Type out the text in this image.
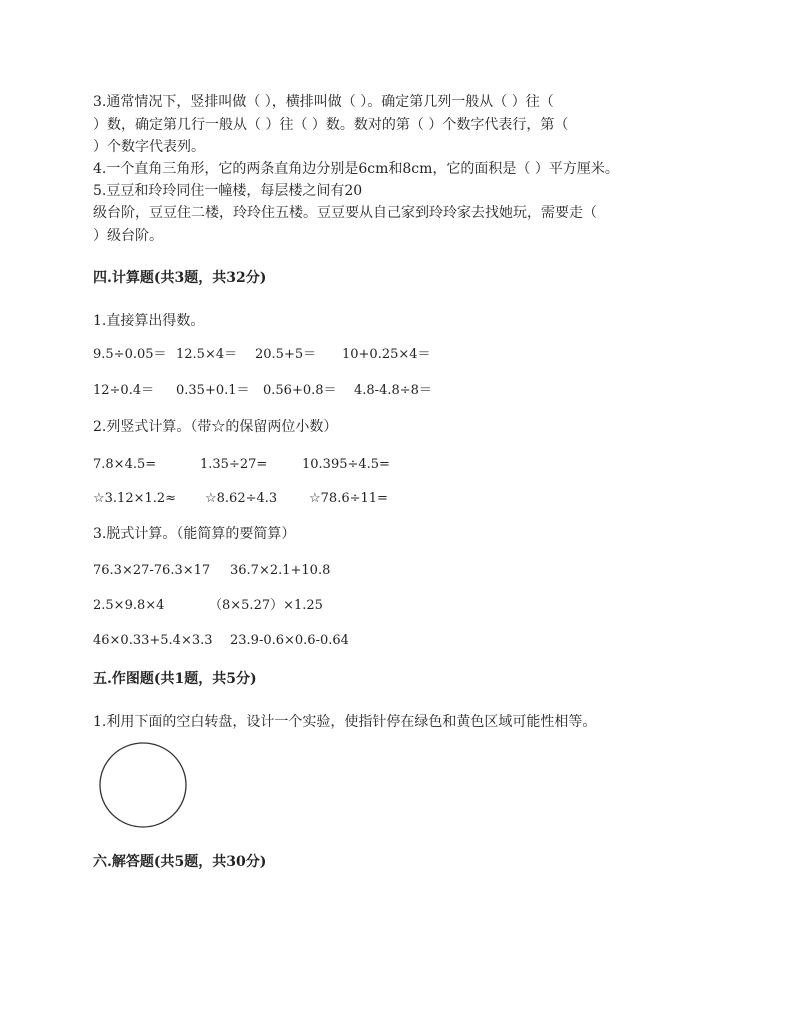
3.通常情况下，竖排叫做（ ），横排叫做（ ）。确定第几列一般从（ ）往（
）数，确定第几行一般从（ ）往（ ）数。数对的第（ ）个数字代表行，第（
）个数字代表列。
4.一个直角三角形，它的两条直角边分别是6cm和8cm，它的面积是（ ）平方厘米。
5.豆豆和玲玲同住一幢楼，每层楼之间有20
级台阶，豆豆住二楼，玲玲住五楼。豆豆要从自己家到玲玲家去找她玩，需要走（
）级台阶。
四.计算题(共3题，共32分)
1.直接算出得数。
9.5÷0.05＝ 12.5×4＝ 20.5+5＝ 10+0.25×4＝
12÷0.4＝ 0.35+0.1＝ 0.56+0.8＝ 4.8-4.8÷8＝
2.列竖式计算。（带☆的保留两位小数）
7.8×4.5=	1.35÷27=	10.395÷4.5=
☆3.12×1.2≈ ☆8.62÷4.3 ☆78.6÷11=
3.脱式计算。（能简算的要简算）
76.3×27-76.3×17 36.7×2.1+10.8
2.5×9.8×4	（8×5.27）×1.25
46×0.33+5.4×3.3 23.9-0.6×0.6-0.64
五.作图题(共1题，共5分)
1.利用下面的空白转盘，设计一个实验，使指针停在绿色和黄色区域可能性相等。
六.解答题(共5题，共30分)
